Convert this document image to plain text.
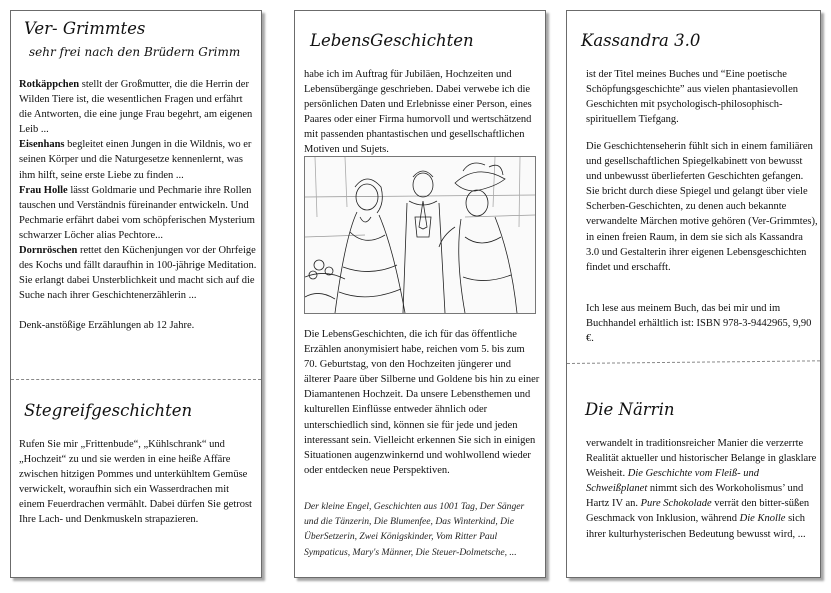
Ver- Grimmtes
sehr frei nach den Brüdern Grimm

Rotkäppchen stellt der Großmutter, die die Herrin der Wilden Tiere ist, die wesentlichen Fragen und erfährt die Antworten, die eine junge Frau begehrt, am eigenen Leib ...

Eisenhans begleitet einen Jungen in die Wildnis, wo er seinen Körper und die Naturgesetze kennenlernt, was ihm hilft, seine erste Liebe zu finden ...

Frau Holle lässt Goldmarie und Pechmarie ihre Rollen tauschen und Verständnis füreinander entwickeln. Und Pechmarie erfährt dabei vom schöpferischen Mysterium schwarzer Löcher alias Pechtore...

Dornröschen rettet den Küchenjungen vor der Ohrfeige des Kochs und fällt daraufhin in 100-jährige Meditation. Sie erlangt dabei Unsterblichkeit und macht sich auf die Suche nach ihrer Geschichtenerzählerin ...

Denk-anstößige Erzählungen ab 12 Jahre.

Stegreifgeschichten
Rufen Sie mir „Frittenbude“, „Kühlschrank“ und „Hochzeit“ zu und sie werden in eine heiße Affäre zwischen hitzigen Pommes und unterkühltem Gemüse verwickelt, woraufhin sich ein Wasserdrachen mit einem Feuerdrachen vermählt. Dabei dürfen Sie getrost Ihre Lach- und Denkmuskeln strapazieren.
LebensGeschichten
habe ich im Auftrag für Jubiläen, Hochzeiten und Lebensübergänge geschrieben. Dabei verwebe ich die persönlichen Daten und Erlebnisse einer Person, eines Paares oder einer Firma humorvoll und wertschätzend mit passenden phantastischen und gesellschaftlichen Motiven und Sujets.
Die LebensGeschichten, die ich für das öffentliche Erzählen anonymisiert habe, reichen vom 5. bis zum 70. Geburtstag, von den Hochzeiten jüngerer und älterer Paare über Silberne und Goldene bis hin zu einer Diamantenen Hochzeit. Da unsere Lebensthemen und kulturellen Einflüsse entweder ähnlich oder unterschiedlich sind, können sie für jede und jeden interessant sein. Vielleicht erkennen Sie sich in einigen Situationen augenzwinkernd und wohlwollend wieder oder entdecken neue Perspektiven.
Der kleine Engel, Geschichten aus 1001 Tag, Der Sänger und die Tänzerin, Die Blumenfee, Das Winterkind, Die ÜberSetzerin, Zwei Königskinder, Vom Ritter Paul Sympaticus, Mary's Männer, Die Steuer-Dolmetsche, ...
Kassandra 3.0
ist der Titel meines Buches und “Eine poetische Schöpfungsgeschichte” aus vielen phantasievollen Geschichten mit psychologisch-philosophisch-spirituellem Tiefgang.
Die Geschichtenseherin fühlt sich in einem familiären und gesellschaftlichen Spiegelkabinett von bewusst und unbewusst überlieferten Geschichten gefangen. Sie bricht durch diese Spiegel und gelangt über viele Scherben-Geschichten, zu denen auch bekannte verwandelte Märchen motive gehören (Ver-Grimmtes), in einen freien Raum, in dem sie sich als Kassandra 3.0 und Gestalterin ihrer eigenen Lebensgeschichten findet und erschafft.
Ich lese aus meinem Buch, das bei mir und im Buchhandel erhältlich ist: ISBN 978-3-9442965, 9,90 €.
Die Närrin
verwandelt in traditionsreicher Manier die verzerrte Realität aktueller und historischer Belange in glasklare Weisheit. Die Geschichte vom Fleiß- und Schweißplanet nimmt sich des Workoholismus’ und Hartz IV an. Pure Schokolade verrät den bitter-süßen Geschmack von Inklusion, während Die Knolle sich ihrer kulturhysterischen Bedeutung bewusst wird, ...
